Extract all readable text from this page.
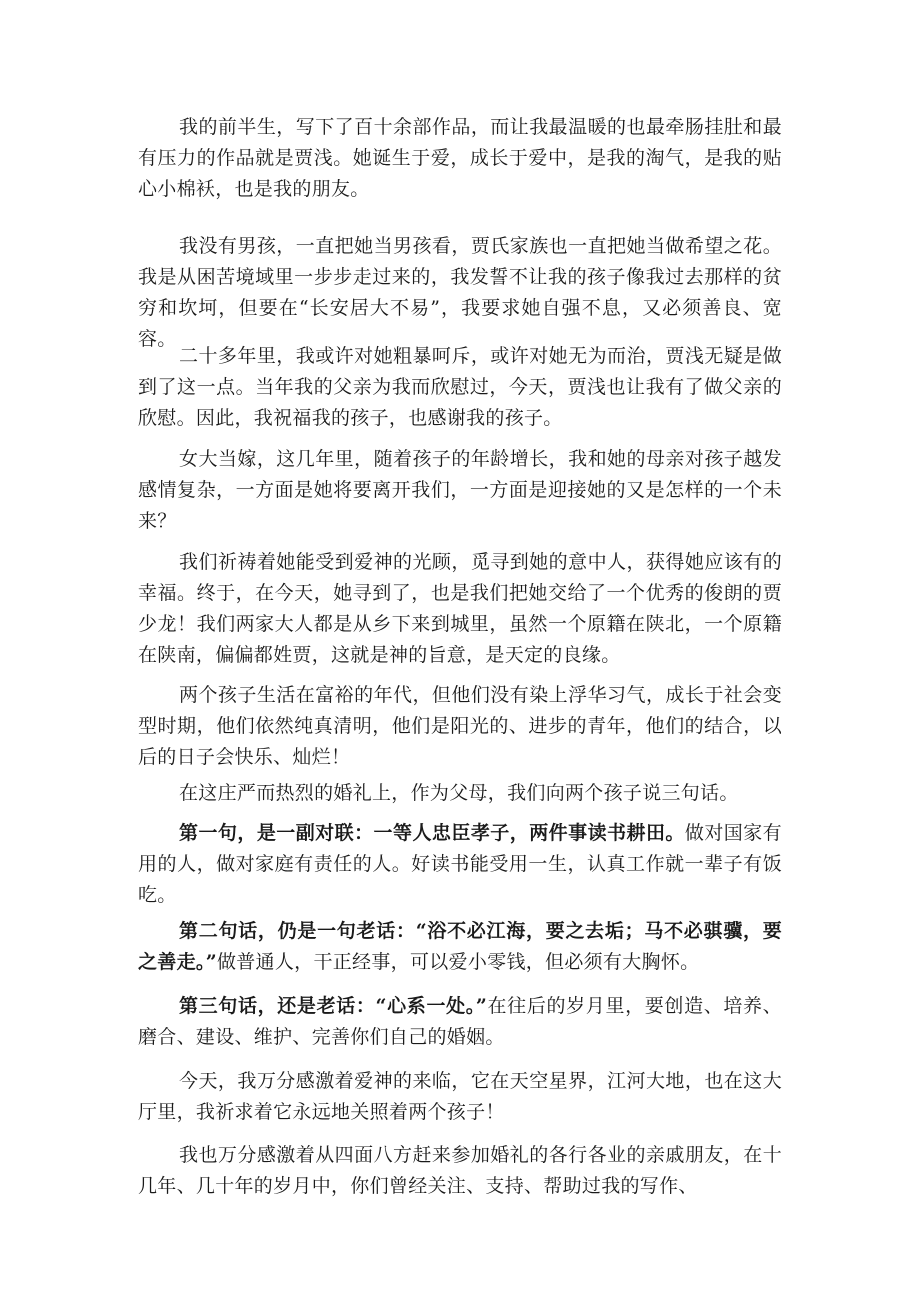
我的前半生，写下了百十余部作品，而让我最温暖的也最牵肠挂肚和最有压力的作品就是贾浅。她诞生于爱，成长于爱中，是我的淘气，是我的贴心小棉袄，也是我的朋友。

我没有男孩，一直把她当男孩看，贾氏家族也一直把她当做希望之花。我是从困苦境域里一步步走过来的，我发誓不让我的孩子像我过去那样的贫穷和坎坷，但要在“长安居大不易”，我要求她自强不息，又必须善良、宽容。

二十多年里，我或许对她粗暴呵斥，或许对她无为而治，贾浅无疑是做到了这一点。当年我的父亲为我而欣慰过，今天，贾浅也让我有了做父亲的欣慰。因此，我祝福我的孩子，也感谢我的孩子。

女大当嫁，这几年里，随着孩子的年龄增长，我和她的母亲对孩子越发感情复杂，一方面是她将要离开我们，一方面是迎接她的又是怎样的一个未来？

我们祈祷着她能受到爱神的光顾，觅寻到她的意中人，获得她应该有的幸福。终于，在今天，她寻到了，也是我们把她交给了一个优秀的俊朗的贾少龙！我们两家大人都是从乡下来到城里，虽然一个原籍在陕北，一个原籍在陕南，偏偏都姓贾，这就是神的旨意，是天定的良缘。

两个孩子生活在富裕的年代，但他们没有染上浮华习气，成长于社会变型时期，他们依然纯真清明，他们是阳光的、进步的青年，他们的结合，以后的日子会快乐、灿烂！

在这庄严而热烈的婚礼上，作为父母，我们向两个孩子说三句话。

第一句，是一副对联：一等人忠臣孝子，两件事读书耕田。做对国家有用的人，做对家庭有责任的人。好读书能受用一生，认真工作就一辈子有饭吃。

第二句话，仍是一句老话：“浴不必江海，要之去垢；马不必骐骥，要之善走。”做普通人，干正经事，可以爱小零钱，但必须有大胸怀。

第三句话，还是老话：“心系一处。”在往后的岁月里，要创造、培养、磨合、建设、维护、完善你们自己的婚姻。

今天，我万分感激着爱神的来临，它在天空星界，江河大地，也在这大厅里，我祈求着它永远地关照着两个孩子！

我也万分感激着从四面八方赶来参加婚礼的各行各业的亲戚朋友，在十几年、几十年的岁月中，你们曾经关注、支持、帮助过我的写作、
